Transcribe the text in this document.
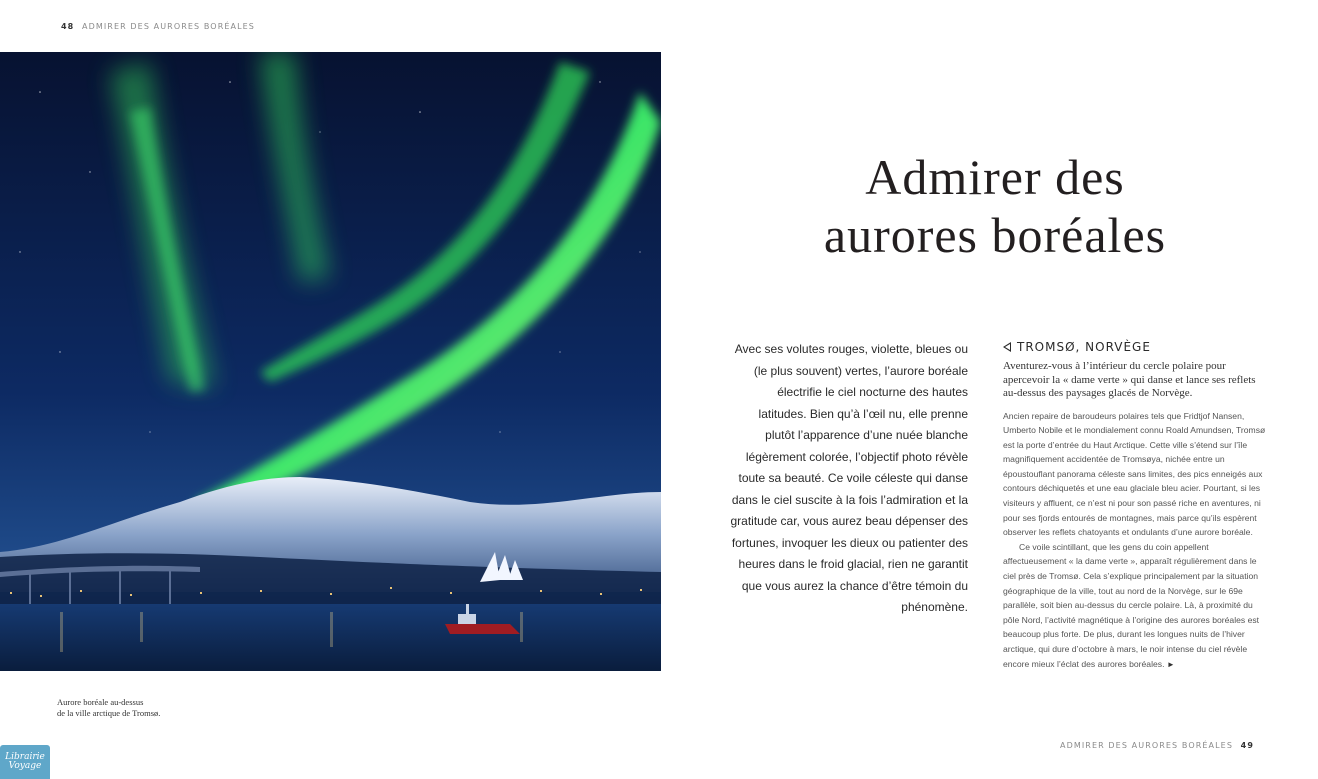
48 ADMIRER DES AURORES BORÉALES
Aurore boréale au-dessus
de la ville arctique de Tromsø.
Admirer des
aurores boréales

Avec ses volutes rouges, violette, bleues ou (le plus souvent) vertes, l’aurore boréale électrifie le ciel nocturne des hautes latitudes. Bien qu’à l’œil nu, elle prenne plutôt l’apparence d’une nuée blanche légèrement colorée, l’objectif photo révèle toute sa beauté. Ce voile céleste qui danse dans le ciel suscite à la fois l’admiration et la gratitude car, vous aurez beau dépenser des fortunes, invoquer les dieux ou patienter des heures dans le froid glacial, rien ne garantit que vous aurez la chance d’être témoin du phénomène.

TROMSØ, NORVÈGE

Aventurez-vous à l’intérieur du cercle polaire pour apercevoir la « dame verte » qui danse et lance ses reflets au-dessus des paysages glacés de Norvège.

Ancien repaire de baroudeurs polaires tels que Fridtjof Nansen, Umberto Nobile et le mondialement connu Roald Amundsen, Tromsø est la porte d’entrée du Haut Arctique. Cette ville s’étend sur l’île magnifiquement accidentée de Tromsøya, nichée entre un époustouflant panorama céleste sans limites, des pics enneigés aux contours déchiquetés et une eau glaciale bleu acier. Pourtant, si les visiteurs y affluent, ce n’est ni pour son passé riche en aventures, ni pour ses fjords entourés de montagnes, mais parce qu’ils espèrent observer les reflets chatoyants et ondulants d’une aurore boréale.

Ce voile scintillant, que les gens du coin appellent affectueusement « la dame verte », apparaît régulièrement dans le ciel près de Tromsø. Cela s’explique principalement par la situation géographique de la ville, tout au nord de la Norvège, sur le 69e parallèle, soit bien au-dessus du cercle polaire. Là, à proximité du pôle Nord, l’activité magnétique à l’origine des aurores boréales est beaucoup plus forte. De plus, durant les longues nuits de l’hiver arctique, qui dure d’octobre à mars, le noir intense du ciel révèle encore mieux l’éclat des aurores boréales. ►

ADMIRER DES AURORES BORÉALES 49
Librairie
Voyage
